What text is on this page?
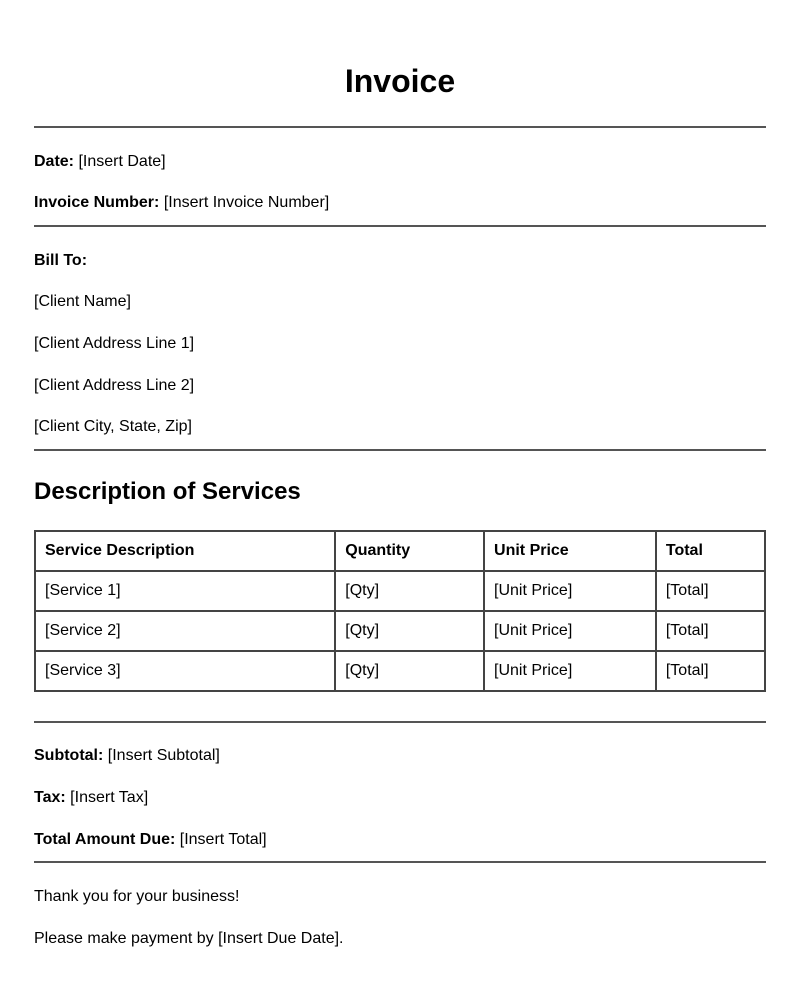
Invoice
Date: [Insert Date]
Invoice Number: [Insert Invoice Number]
Bill To:
[Client Name]
[Client Address Line 1]
[Client Address Line 2]
[Client City, State, Zip]
Description of Services
Service Description	Quantity	Unit Price	Total
[Service 1]	[Qty]	[Unit Price]	[Total]
[Service 2]	[Qty]	[Unit Price]	[Total]
[Service 3]	[Qty]	[Unit Price]	[Total]
Subtotal: [Insert Subtotal]
Tax: [Insert Tax]
Total Amount Due: [Insert Total]
Thank you for your business!
Please make payment by [Insert Due Date].
